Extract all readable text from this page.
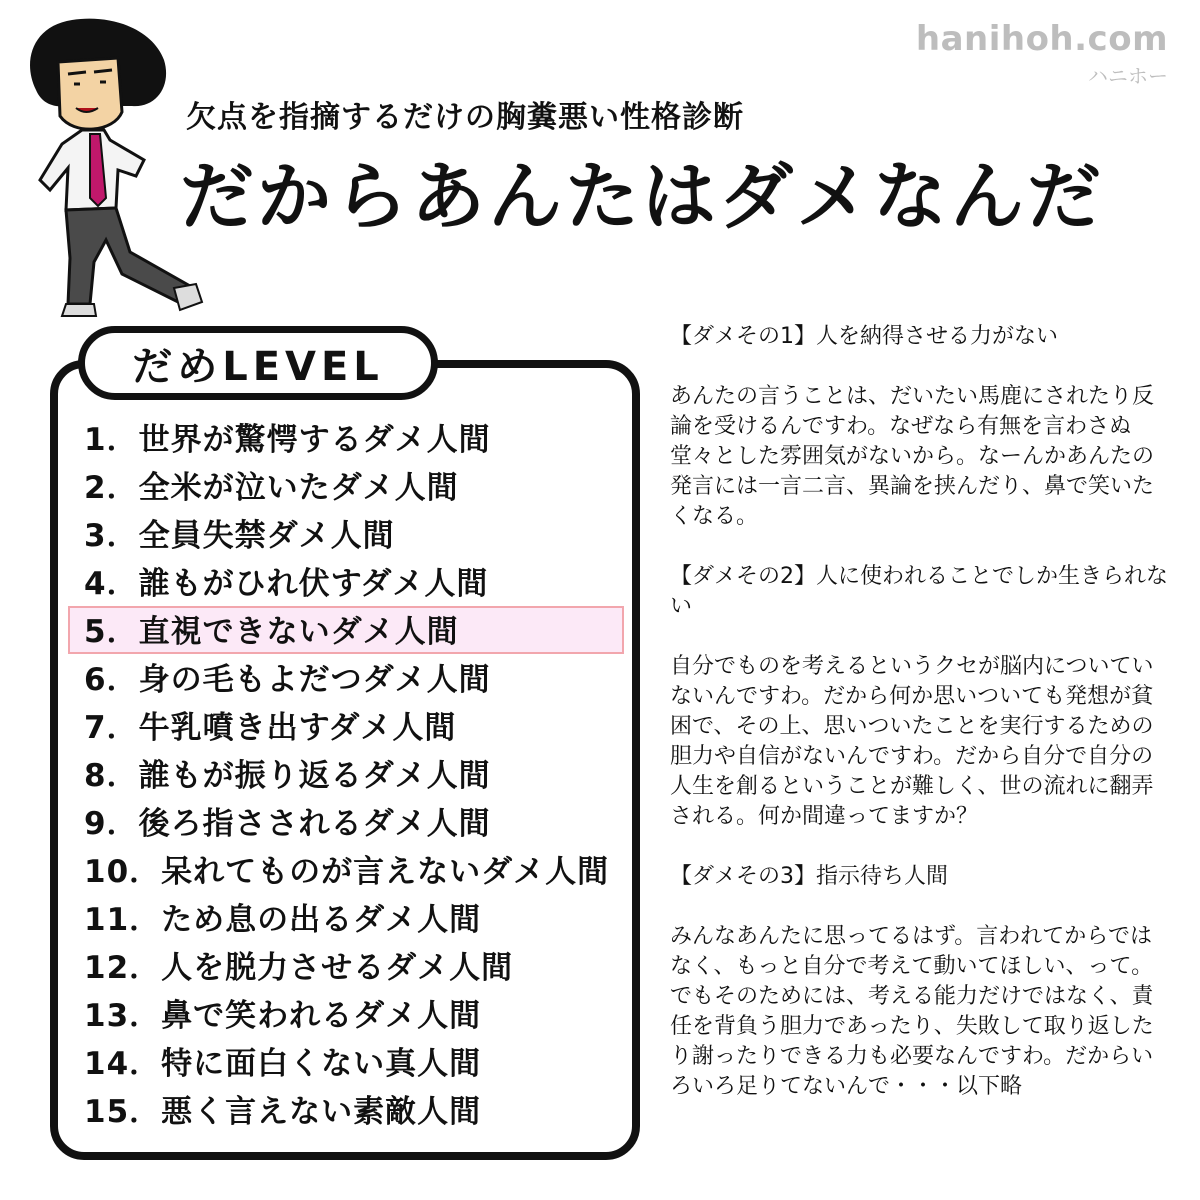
hanihoh.com
ハニホー
欠点を指摘するだけの胸糞悪い性格診断
だからあんたはダメなんだ
だめLEVEL
1．世界が驚愕するダメ人間
2．全米が泣いたダメ人間
3．全員失禁ダメ人間
4．誰もがひれ伏すダメ人間
5．直視できないダメ人間
6．身の毛もよだつダメ人間
7．牛乳噴き出すダメ人間
8．誰もが振り返るダメ人間
9．後ろ指さされるダメ人間
10．呆れてものが言えないダメ人間
11．ため息の出るダメ人間
12．人を脱力させるダメ人間
13．鼻で笑われるダメ人間
14．特に面白くない真人間
15．悪く言えない素敵人間

【ダメその1】人を納得させる力がない

あんたの言うことは、だいたい馬鹿にされたり反論を受けるんですわ。なぜなら有無を言わさぬ堂々とした雰囲気がないから。なーんかあんたの発言には一言二言、異論を挟んだり、鼻で笑いたくなる。

【ダメその2】人に使われることでしか生きられない

自分でものを考えるというクセが脳内についていないんですわ。だから何か思いついても発想が貧困で、その上、思いついたことを実行するための胆力や自信がないんですわ。だから自分で自分の人生を創るということが難しく、世の流れに翻弄される。何か間違ってますか？

【ダメその3】指示待ち人間

みんなあんたに思ってるはず。言われてからではなく、もっと自分で考えて動いてほしい、って。でもそのためには、考える能力だけではなく、責任を背負う胆力であったり、失敗して取り返したり謝ったりできる力も必要なんですわ。だからいろいろ足りてないんで・・・以下略
